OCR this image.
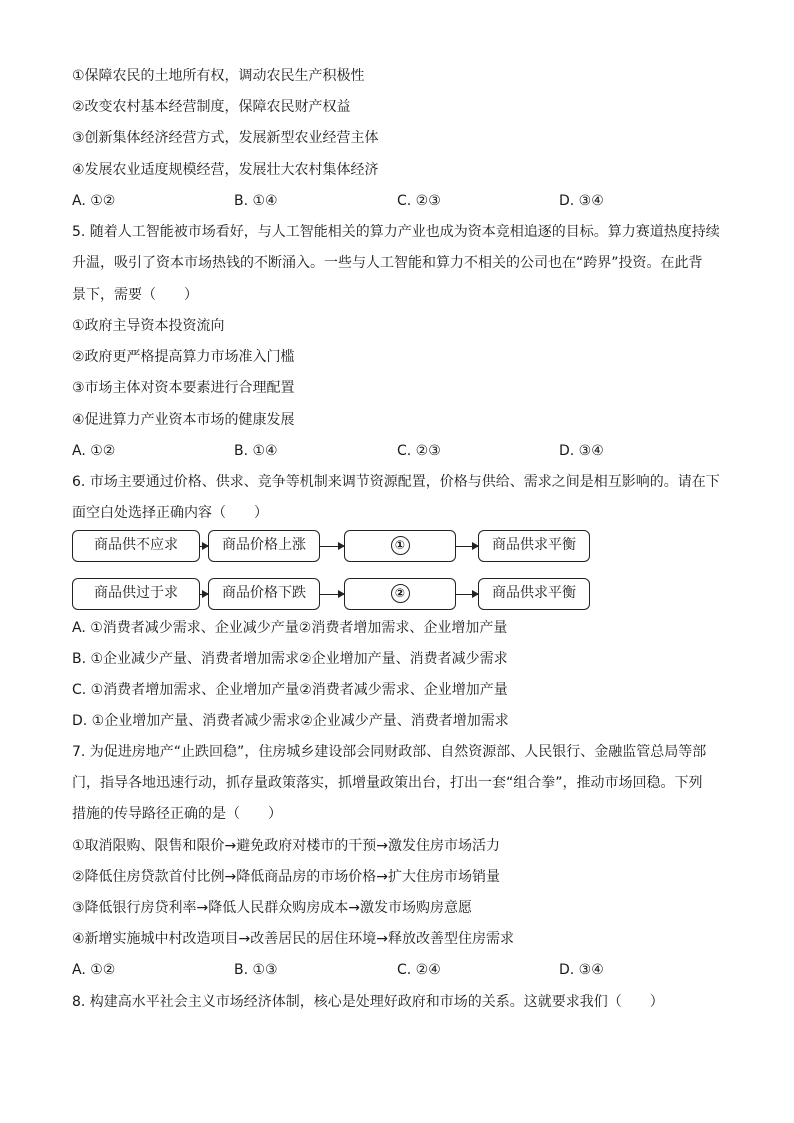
①保障农民的土地所有权，调动农民生产积极性
②改变农村基本经营制度，保障农民财产权益
③创新集体经济经营方式，发展新型农业经营主体
④发展农业适度规模经营，发展壮大农村集体经济
A. ①②	B. ①④	C. ②③	D. ③④
5. 随着人工智能被市场看好，与人工智能相关的算力产业也成为资本竞相追逐的目标。算力赛道热度持续
升温，吸引了资本市场热钱的不断涌入。一些与人工智能和算力不相关的公司也在“跨界”投资。在此背
景下，需要（　　）
①政府主导资本投资流向
②政府更严格提高算力市场准入门槛
③市场主体对资本要素进行合理配置
④促进算力产业资本市场的健康发展
A. ①②	B. ①④	C. ②③	D. ③④
6. 市场主要通过价格、供求、竞争等机制来调节资源配置，价格与供给、需求之间是相互影响的。请在下
面空白处选择正确内容（　　）
商品供不应求	商品价格上涨	①	商品供求平衡
商品供过于求	商品价格下跌	②	商品供求平衡
A. ①消费者减少需求、企业减少产量②消费者增加需求、企业增加产量
B. ①企业减少产量、消费者增加需求②企业增加产量、消费者减少需求
C. ①消费者增加需求、企业增加产量②消费者减少需求、企业增加产量
D. ①企业增加产量、消费者减少需求②企业减少产量、消费者增加需求
7. 为促进房地产“止跌回稳”，住房城乡建设部会同财政部、自然资源部、人民银行、金融监管总局等部
门，指导各地迅速行动，抓存量政策落实，抓增量政策出台，打出一套“组合拳”，推动市场回稳。下列
措施的传导路径正确的是（　　）
①取消限购、限售和限价→避免政府对楼市的干预→激发住房市场活力
②降低住房贷款首付比例→降低商品房的市场价格→扩大住房市场销量
③降低银行房贷利率→降低人民群众购房成本→激发市场购房意愿
④新增实施城中村改造项目→改善居民的居住环境→释放改善型住房需求
A. ①②	B. ①③	C. ②④	D. ③④
8. 构建高水平社会主义市场经济体制，核心是处理好政府和市场的关系。这就要求我们（　　）
